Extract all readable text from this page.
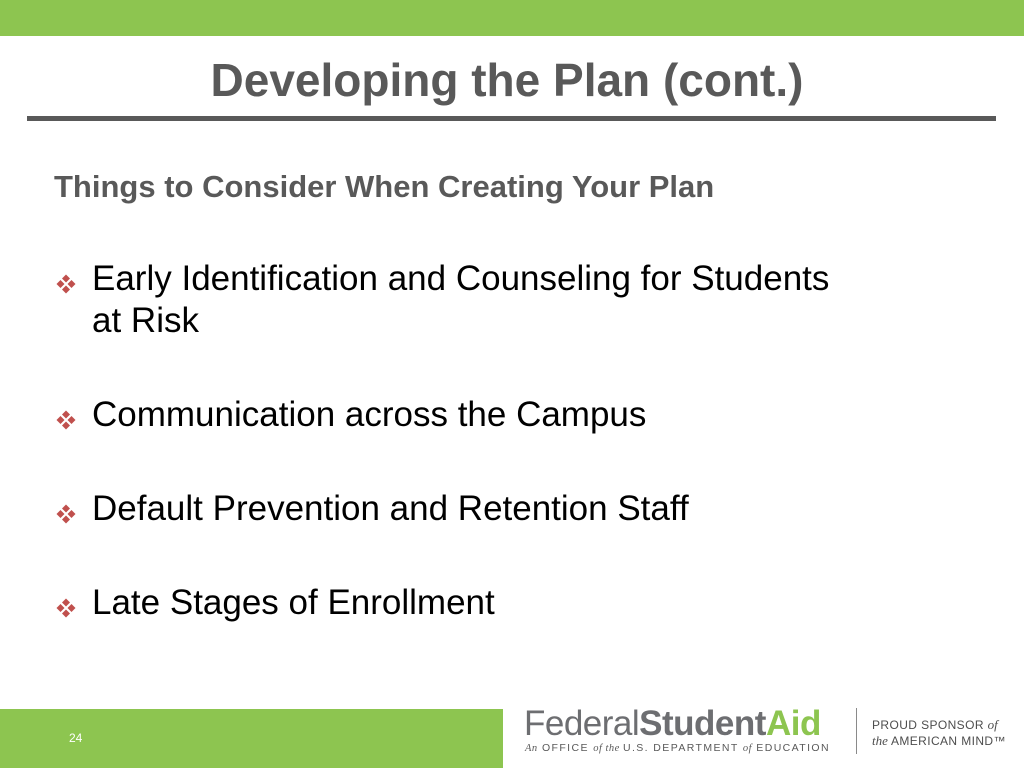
Developing the Plan (cont.)
Things to Consider When Creating Your Plan
Early Identification and Counseling for Students
at Risk
Communication across the Campus
Default Prevention and Retention Staff
Late Stages of Enrollment
24	FederalStudentAid
An OFFICE of the U.S. DEPARTMENT of EDUCATION
PROUD SPONSOR of
the AMERICAN MIND™
